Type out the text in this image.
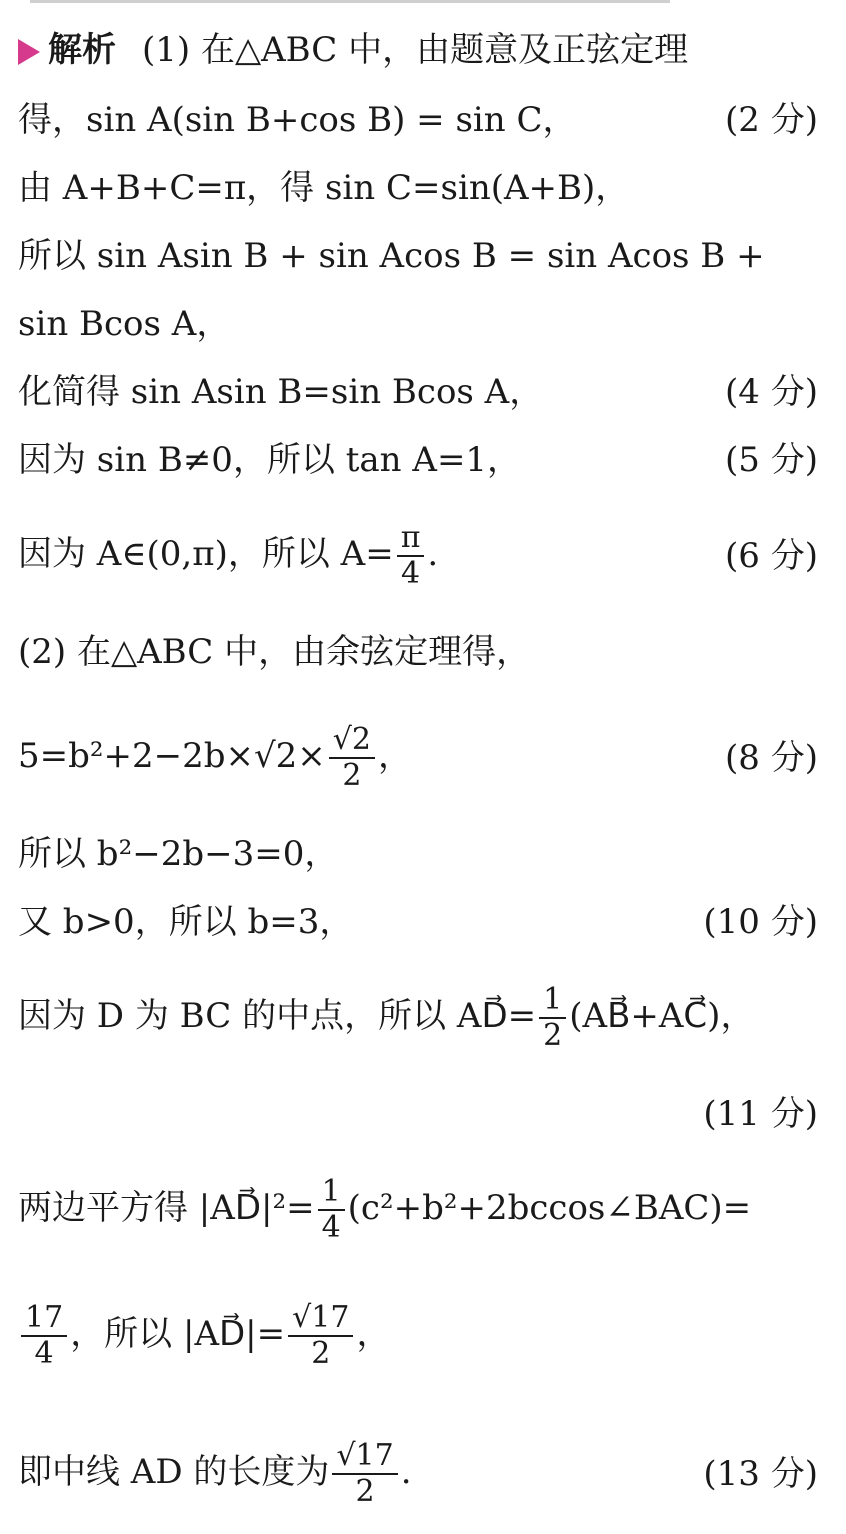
解析 (1) 在△ABC 中，由题意及正弦定理
得，sin A(sin B+cos B) = sin C，	(2 分)
由 A+B+C=π，得 sin C=sin(A+B)，
所以 sin Asin B + sin Acos B = sin Acos B +
sin Bcos A，
化简得 sin Asin B=sin Bcos A，	(4 分)
因为 sin B≠0，所以 tan A=1，	(5 分)
因为 A∈(0,π)，所以 $A= \frac{\pi}{4}$ .	(6 分)
(2) 在△ABC 中，由余弦定理得，
$5=b^2+2-2b\times√2\times \frac{√2}{2}$ ，	(8 分)
所以 b²−2b−3=0，
又 b>0，所以 b=3，	(10 分)
因为 D 为 BC 的中点，所以 AD⃗= $\frac{1}{2}$ (AB⃗+AC⃗)，
(11 分)
两边平方得 |AD⃗|²= $\frac{1}{4}$ (c²+b²+2bccos∠BAC)=
$\frac{17}{4}$ ，所以 |AD⃗|= $\frac{√17}{2}$ ，
即中线 AD 的长度为 $\frac{√17}{2}$ .	(13 分)
